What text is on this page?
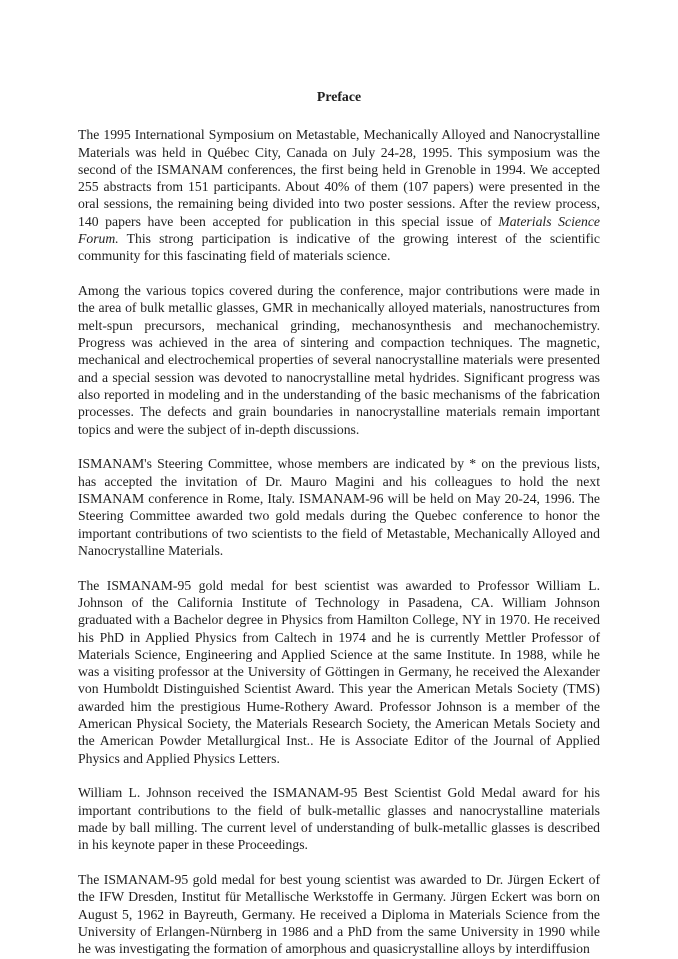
Preface
The 1995 International Symposium on Metastable, Mechanically Alloyed and Nanocrystalline
Materials was held in Québec City, Canada on July 24-28, 1995. This symposium was the
second of the ISMANAM conferences, the first being held in Grenoble in 1994. We accepted
255 abstracts from 151 participants. About 40% of them (107 papers) were presented in the
oral sessions, the remaining being divided into two poster sessions. After the review process,
140 papers have been accepted for publication in this special issue of Materials Science
Forum. This strong participation is indicative of the growing interest of the scientific
community for this fascinating field of materials science.
Among the various topics covered during the conference, major contributions were made in
the area of bulk metallic glasses, GMR in mechanically alloyed materials, nanostructures from
melt-spun precursors, mechanical grinding, mechanosynthesis and mechanochemistry.
Progress was achieved in the area of sintering and compaction techniques. The magnetic,
mechanical and electrochemical properties of several nanocrystalline materials were presented
and a special session was devoted to nanocrystalline metal hydrides. Significant progress was
also reported in modeling and in the understanding of the basic mechanisms of the fabrication
processes. The defects and grain boundaries in nanocrystalline materials remain important
topics and were the subject of in-depth discussions.
ISMANAM's Steering Committee, whose members are indicated by * on the previous lists,
has accepted the invitation of Dr. Mauro Magini and his colleagues to hold the next
ISMANAM conference in Rome, Italy. ISMANAM-96 will be held on May 20-24, 1996. The
Steering Committee awarded two gold medals during the Quebec conference to honor the
important contributions of two scientists to the field of Metastable, Mechanically Alloyed and
Nanocrystalline Materials.
The ISMANAM-95 gold medal for best scientist was awarded to Professor William L.
Johnson of the California Institute of Technology in Pasadena, CA. William Johnson
graduated with a Bachelor degree in Physics from Hamilton College, NY in 1970. He received
his PhD in Applied Physics from Caltech in 1974 and he is currently Mettler Professor of
Materials Science, Engineering and Applied Science at the same Institute. In 1988, while he
was a visiting professor at the University of Göttingen in Germany, he received the Alexander
von Humboldt Distinguished Scientist Award. This year the American Metals Society (TMS)
awarded him the prestigious Hume-Rothery Award. Professor Johnson is a member of the
American Physical Society, the Materials Research Society, the American Metals Society and
the American Powder Metallurgical Inst.. He is Associate Editor of the Journal of Applied
Physics and Applied Physics Letters.
William L. Johnson received the ISMANAM-95 Best Scientist Gold Medal award for his
important contributions to the field of bulk-metallic glasses and nanocrystalline materials
made by ball milling. The current level of understanding of bulk-metallic glasses is described
in his keynote paper in these Proceedings.
The ISMANAM-95 gold medal for best young scientist was awarded to Dr. Jürgen Eckert of
the IFW Dresden, Institut für Metallische Werkstoffe in Germany. Jürgen Eckert was born on
August 5, 1962 in Bayreuth, Germany. He received a Diploma in Materials Science from the
University of Erlangen-Nürnberg in 1986 and a PhD from the same University in 1990 while
he was investigating the formation of amorphous and quasicrystalline alloys by interdiffusion
